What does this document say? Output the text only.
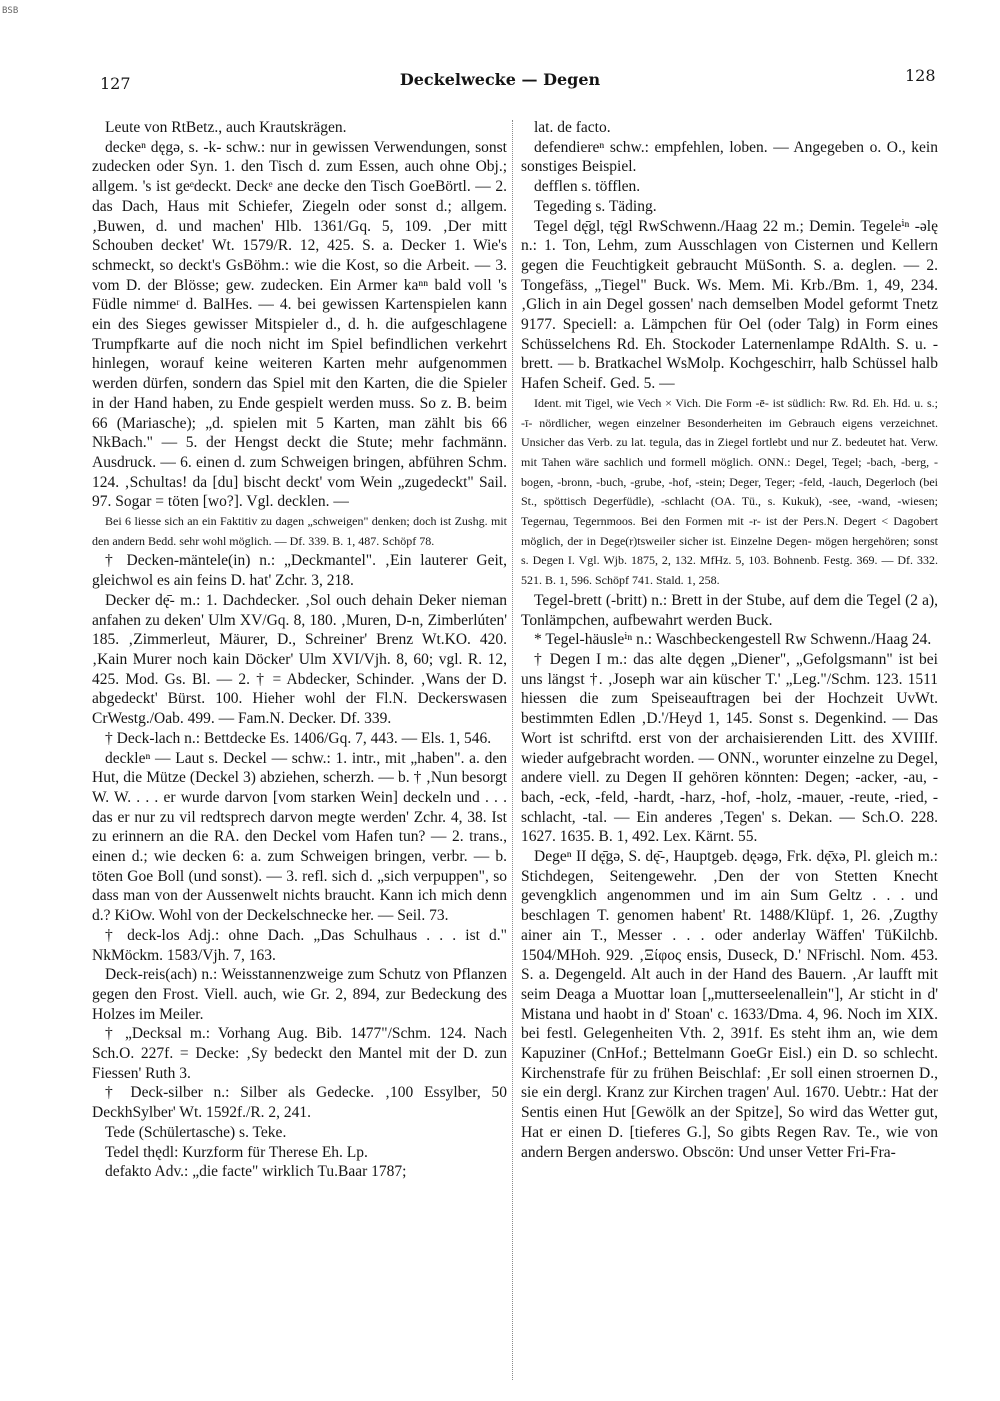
BSB
127	Deckelwecke — Degen	128

Leute von RtBetz., auch Krautskrägen.

deckeⁿ dęgə, s. -k- schw.: nur in gewissen Verwendungen, sonst zudecken oder Syn. 1. den Tisch d. zum Essen, auch ohne Obj.; allgem. 's ist geᵉdeckt. Deckᵉ ane decke den Tisch GoeBörtl. — 2. das Dach, Haus mit Schiefer, Ziegeln oder sonst d.; allgem. ‚Buwen, d. und machen' Hlb. 1361/Gq. 5, 109. ‚Der mitt Schouben decket' Wt. 1579/R. 12, 425. S. a. Decker 1. Wie's schmeckt, so deckt's GsBöhm.: wie die Kost, so die Arbeit. — 3. vom D. der Blösse; gew. zudecken. Ein Armer kaⁿⁿ bald voll 's Füdle nimmeʳ d. BalHes. — 4. bei gewissen Kartenspielen kann ein des Sieges gewisser Mitspieler d., d. h. die aufgeschlagene Trumpfkarte auf die noch nicht im Spiel befindlichen verkehrt hinlegen, worauf keine weiteren Karten mehr aufgenommen werden dürfen, sondern das Spiel mit den Karten, die die Spieler in der Hand haben, zu Ende gespielt werden muss. So z. B. beim 66 (Mariasche); „d. spielen mit 5 Karten, man zählt bis 66 NkBach." — 5. der Hengst deckt die Stute; mehr fachmänn. Ausdruck. — 6. einen d. zum Schweigen bringen, abführen Schm. 124. ‚Schultas! da [du] bischt deckt' vom Wein „zugedeckt" Sail. 97. Sogar = töten [wo?]. Vgl. decklen. —

Bei 6 liesse sich an ein Faktitiv zu dagen „schweigen" denken; doch ist Zushg. mit den andern Bedd. sehr wohl möglich. — Df. 339. B. 1, 487. Schöpf 78.

† Decken-mäntele(in) n.: „Deckmantel". ‚Ein lauterer Geit, gleichwol es ain feins D. hat' Zchr. 3, 218.

Decker dę̄- m.: 1. Dachdecker. ‚Sol ouch dehain Deker nieman anfahen zu deken' Ulm XV/Gq. 8, 180. ‚Muren, D-n, Zimberlúten' 185. ‚Zimmerleut, Mäurer, D., Schreiner' Brenz Wt.KO. 420. ‚Kain Murer noch kain Döcker' Ulm XVI/Vjh. 8, 60; vgl. R. 12, 425. Mod. Gs. Bl. — 2. † = Abdecker, Schinder. ‚Wans der D. abgedeckt' Bürst. 100. Hieher wohl der Fl.N. Deckerswasen CrWestg./Oab. 499. — Fam.N. Decker. Df. 339.

† Deck-lach n.: Bettdecke Es. 1406/Gq. 7, 443. — Els. 1, 546.

deckleⁿ — Laut s. Deckel — schw.: 1. intr., mit „haben". a. den Hut, die Mütze (Deckel 3) abziehen, scherzh. — b. † ‚Nun besorgt W. W. . . . er wurde darvon [vom starken Wein] deckeln und . . . das er nur zu vil redtsprech darvon megte werden' Zchr. 4, 38. Ist zu erinnern an die RA. den Deckel vom Hafen tun? — 2. trans., einen d.; wie decken 6: a. zum Schweigen bringen, verbr. — b. töten Goe Boll (und sonst). — 3. refl. sich d. „sich verpuppen", so dass man von der Aussenwelt nichts braucht. Kann ich mich denn d.? KiOw. Wohl von der Deckelschnecke her. — Seil. 73.

† deck-los Adj.: ohne Dach. „Das Schulhaus . . . ist d." NkMöckm. 1583/Vjh. 7, 163.

Deck-reis(ach) n.: Weisstannenzweige zum Schutz von Pflanzen gegen den Frost. Viell. auch, wie Gr. 2, 894, zur Bedeckung des Holzes im Meiler.

† „Decksal m.: Vorhang Aug. Bib. 1477"/Schm. 124. Nach Sch.O. 227f. = Decke: ‚Sy bedeckt den Mantel mit der D. zun Fiessen' Ruth 3.

† Deck-silber n.: Silber als Gedecke. ‚100 Essylber, 50 DeckhSylber' Wt. 1592f./R. 2, 241.

Tede (Schülertasche) s. Teke.

Tedel thędl: Kurzform für Therese Eh. Lp.

defakto Adv.: „die facte" wirklich Tu.Baar 1787;

lat. de facto.

defendiereⁿ schw.: empfehlen, loben. — Angegeben o. O., kein sonstiges Beispiel.

defflen s. töfflen.

Tegeding s. Täding.

Tegel dę̄gl, tę̄gl RwSchwenn./Haag 22 m.; Demin. Tegeleⁱⁿ -əlę n.: 1. Ton, Lehm, zum Ausschlagen von Cisternen und Kellern gegen die Feuchtigkeit gebraucht MüSonth. S. a. deglen. — 2. Tongefäss, „Tiegel" Buck. Ws. Mem. Mi. Krb./Bm. 1, 49, 234. ‚Glich in ain Degel gossen' nach demselben Model geformt Tnetz 9177. Speciell: a. Lämpchen für Oel (oder Talg) in Form eines Schüsselchens Rd. Eh. Stockoder Laternenlampe RdAlth. S. u. -brett. — b. Bratkachel WsMolp. Kochgeschirr, halb Schüssel halb Hafen Scheif. Ged. 5. —

Ident. mit Tigel, wie Vech × Vich. Die Form -ē- ist südlich: Rw. Rd. Eh. Hd. u. s.; -ī- nördlicher, wegen einzelner Besonderheiten im Gebrauch eigens verzeichnet. Unsicher das Verb. zu lat. tegula, das in Ziegel fortlebt und nur Z. bedeutet hat. Verw. mit Tahen wäre sachlich und formell möglich. ONN.: Degel, Tegel; -bach, -berg, -bogen, -bronn, -buch, -grube, -hof, -stein; Deger, Teger; -feld, -lauch, Degerloch (bei St., spöttisch Degerfüdle), -schlacht (OA. Tü., s. Kukuk), -see, -wand, -wiesen; Tegernau, Tegernmoos. Bei den Formen mit -r- ist der Pers.N. Degert < Dagobert möglich, der in Dege(r)tsweiler sicher ist. Einzelne Degen- mögen hergehören; sonst s. Degen I. Vgl. Wjb. 1875, 2, 132. MfHz. 5, 103. Bohnenb. Festg. 369. — Df. 332. 521. B. 1, 596. Schöpf 741. Stald. 1, 258.

Tegel-brett (-britt) n.: Brett in der Stube, auf dem die Tegel (2 a), Tonlämpchen, aufbewahrt werden Buck.

* Tegel-häusleⁱⁿ n.: Waschbeckengestell Rw Schwenn./Haag 24.

† Degen I m.: das alte dęgen „Diener", „Gefolgsmann" ist bei uns längst †. ‚Joseph war ain küscher T.' „Leg."/Schm. 123. 1511 hiessen die zum Speiseauftragen bei der Hochzeit UvWt. bestimmten Edlen ‚D.'/Heyd 1, 145. Sonst s. Degenkind. — Das Wort ist schriftd. erst von der archaisierenden Litt. des XVIIIf. wieder aufgebracht worden. — ONN., worunter einzelne zu Degel, andere viell. zu Degen II gehören könnten: Degen; -acker, -au, -bach, -eck, -feld, -hardt, -harz, -hof, -holz, -mauer, -reute, -ried, -schlacht, -tal. — Ein anderes ‚Tegen' s. Dekan. — Sch.O. 228. 1627. 1635. B. 1, 492. Lex. Kärnt. 55.

Degeⁿ II dę̄gə, S. dę̄-, Hauptgeb. dęəgə, Frk. dę̄xə, Pl. gleich m.: Stichdegen, Seitengewehr. ‚Den der von Stetten Knecht gevengklich angenommen und im ain Sum Geltz . . . und beschlagen T. genomen habent' Rt. 1488/Klüpf. 1, 26. ‚Zugthy ainer ain T., Messer . . . oder anderlay Wäffen' TüKilchb. 1504/MHoh. 929. ‚Ξίφος ensis, Duseck, D.' NFrischl. Nom. 453. S. a. Degengeld. Alt auch in der Hand des Bauern. ‚Ar laufft mit seim Deaga a Muottar loan [„mutterseelenallein"], Ar sticht in d' Mistana und haobt in d' Stoan' c. 1633/Dma. 4, 96. Noch im XIX. bei festl. Gelegenheiten Vth. 2, 391f. Es steht ihm an, wie dem Kapuziner (CnHof.; Bettelmann GoeGr Eisl.) ein D. so schlecht. Kirchenstrafe für zu frühen Beischlaf: ‚Er soll einen stroernen D., sie ein dergl. Kranz zur Kirchen tragen' Aul. 1670. Uebtr.: Hat der Sentis einen Hut [Gewölk an der Spitze], So wird das Wetter gut, Hat er einen D. [tieferes G.], So gibts Regen Rav. Te., wie von andern Bergen anderswo. Obscön: Und unser Vetter Fri-Fra-
